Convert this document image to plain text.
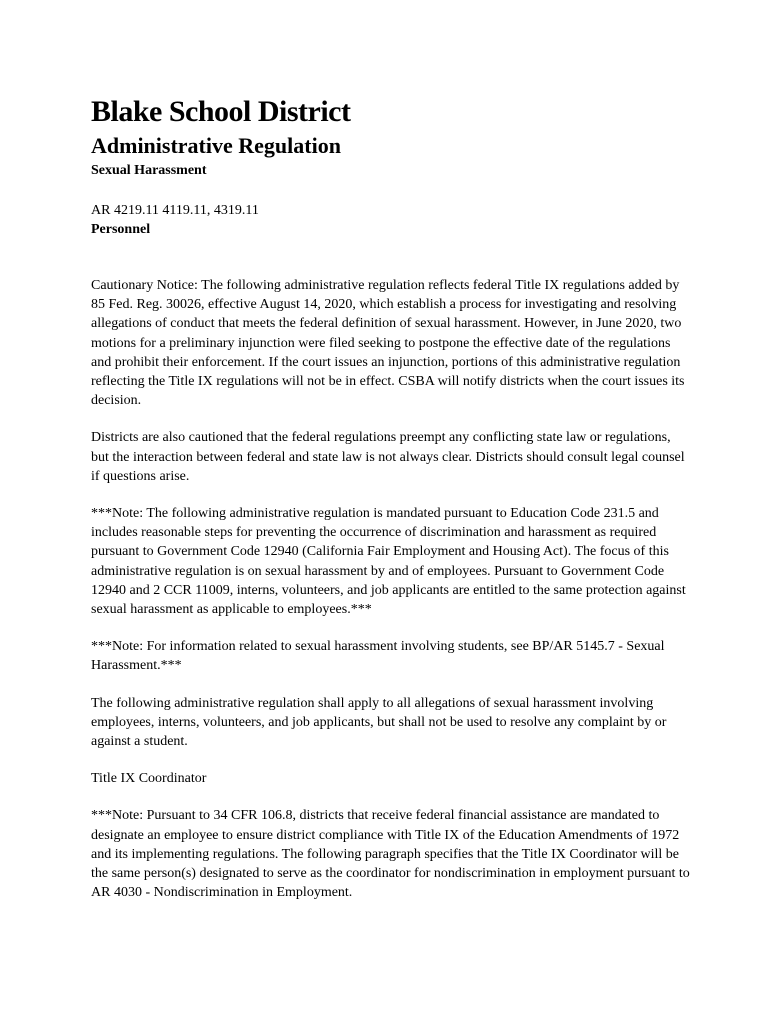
Blake School District
Administrative Regulation
Sexual Harassment
AR 4219.11 4119.11, 4319.11
Personnel

Cautionary Notice: The following administrative regulation reflects federal Title IX regulations added by 85 Fed. Reg. 30026, effective August 14, 2020, which establish a process for investigating and resolving allegations of conduct that meets the federal definition of sexual harassment. However, in June 2020, two motions for a preliminary injunction were filed seeking to postpone the effective date of the regulations and prohibit their enforcement. If the court issues an injunction, portions of this administrative regulation reflecting the Title IX regulations will not be in effect. CSBA will notify districts when the court issues its decision.

Districts are also cautioned that the federal regulations preempt any conflicting state law or regulations, but the interaction between federal and state law is not always clear. Districts should consult legal counsel if questions arise.

***Note: The following administrative regulation is mandated pursuant to Education Code 231.5 and includes reasonable steps for preventing the occurrence of discrimination and harassment as required pursuant to Government Code 12940 (California Fair Employment and Housing Act). The focus of this administrative regulation is on sexual harassment by and of employees. Pursuant to Government Code 12940 and 2 CCR 11009, interns, volunteers, and job applicants are entitled to the same protection against sexual harassment as applicable to employees.***

***Note: For information related to sexual harassment involving students, see BP/AR 5145.7 - Sexual Harassment.***

The following administrative regulation shall apply to all allegations of sexual harassment involving employees, interns, volunteers, and job applicants, but shall not be used to resolve any complaint by or against a student.

Title IX Coordinator

***Note: Pursuant to 34 CFR 106.8, districts that receive federal financial assistance are mandated to designate an employee to ensure district compliance with Title IX of the Education Amendments of 1972 and its implementing regulations. The following paragraph specifies that the Title IX Coordinator will be the same person(s) designated to serve as the coordinator for nondiscrimination in employment pursuant to AR 4030 - Nondiscrimination in Employment.
